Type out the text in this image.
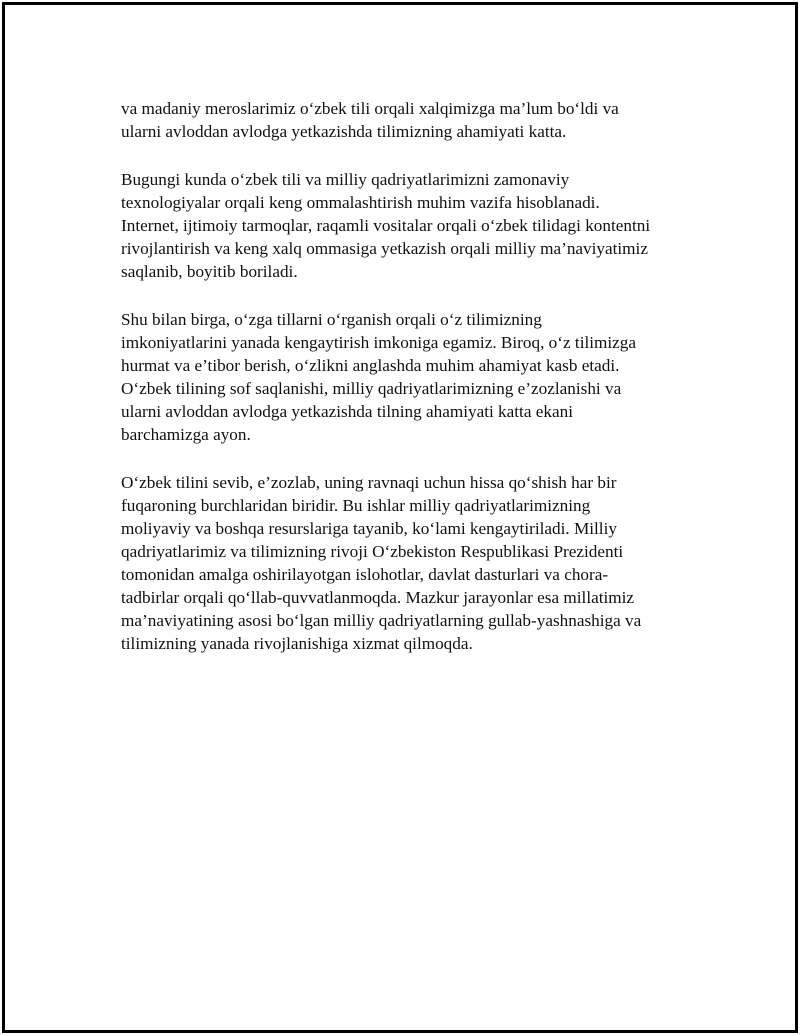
va madaniy meroslarimiz o‘zbek tili orqali xalqimizga ma’lum bo‘ldi va
ularni avloddan avlodga yetkazishda tilimizning ahamiyati katta.

Bugungi kunda o‘zbek tili va milliy qadriyatlarimizni zamonaviy
texnologiyalar orqali keng ommalashtirish muhim vazifa hisoblanadi.
Internet, ijtimoiy tarmoqlar, raqamli vositalar orqali o‘zbek tilidagi kontentni
rivojlantirish va keng xalq ommasiga yetkazish orqali milliy ma’naviyatimiz
saqlanib, boyitib boriladi.

Shu bilan birga, o‘zga tillarni o‘rganish orqali o‘z tilimizning
imkoniyatlarini yanada kengaytirish imkoniga egamiz. Biroq, o‘z tilimizga
hurmat va e’tibor berish, o‘zlikni anglashda muhim ahamiyat kasb etadi.
O‘zbek tilining sof saqlanishi, milliy qadriyatlarimizning e’zozlanishi va
ularni avloddan avlodga yetkazishda tilning ahamiyati katta ekani
barchamizga ayon.

O‘zbek tilini sevib, e’zozlab, uning ravnaqi uchun hissa qo‘shish har bir
fuqaroning burchlaridan biridir. Bu ishlar milliy qadriyatlarimizning
moliyaviy va boshqa resurslariga tayanib, ko‘lami kengaytiriladi. Milliy
qadriyatlarimiz va tilimizning rivoji O‘zbekiston Respublikasi Prezidenti
tomonidan amalga oshirilayotgan islohotlar, davlat dasturlari va chora-
tadbirlar orqali qo‘llab-quvvatlanmoqda. Mazkur jarayonlar esa millatimiz
ma’naviyatining asosi bo‘lgan milliy qadriyatlarning gullab-yashnashiga va
tilimizning yanada rivojlanishiga xizmat qilmoqda.
